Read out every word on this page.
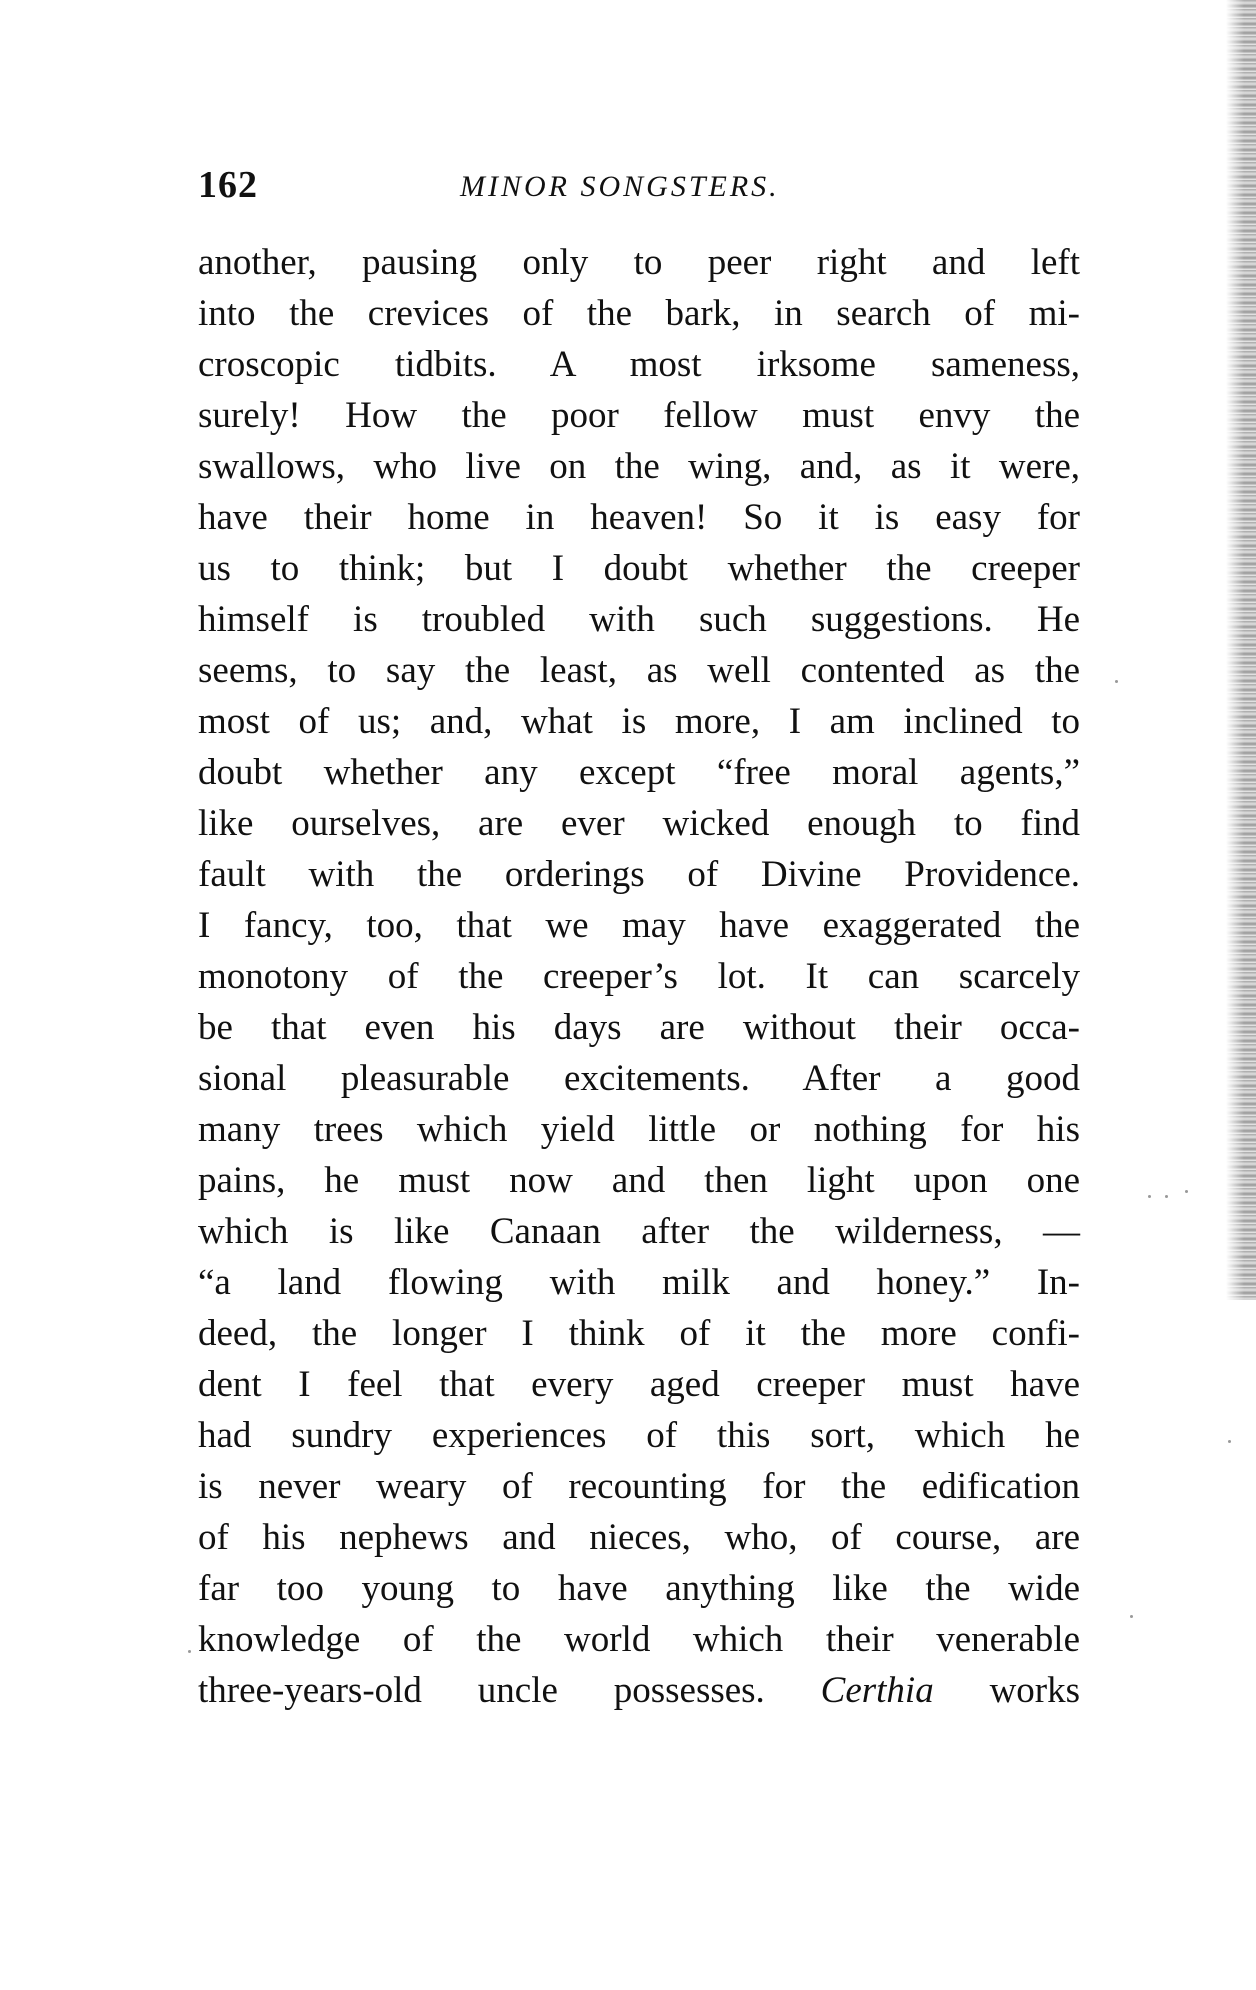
162	MINOR SONGSTERS.
another, pausing only to peer right and left
into the crevices of the bark, in search of mi-
croscopic tidbits. A most irksome sameness,
surely! How the poor fellow must envy the
swallows, who live on the wing, and, as it were,
have their home in heaven! So it is easy for
us to think; but I doubt whether the creeper
himself is troubled with such suggestions. He
seems, to say the least, as well contented as the
most of us; and, what is more, I am inclined to
doubt whether any except “free moral agents,”
like ourselves, are ever wicked enough to find
fault with the orderings of Divine Providence.
I fancy, too, that we may have exaggerated the
monotony of the creeper’s lot. It can scarcely
be that even his days are without their occa-
sional pleasurable excitements. After a good
many trees which yield little or nothing for his
pains, he must now and then light upon one
which is like Canaan after the wilderness, —
“a land flowing with milk and honey.” In-
deed, the longer I think of it the more confi-
dent I feel that every aged creeper must have
had sundry experiences of this sort, which he
is never weary of recounting for the edification
of his nephews and nieces, who, of course, are
far too young to have anything like the wide
knowledge of the world which their venerable
three-years-old uncle possesses. Certhia works
